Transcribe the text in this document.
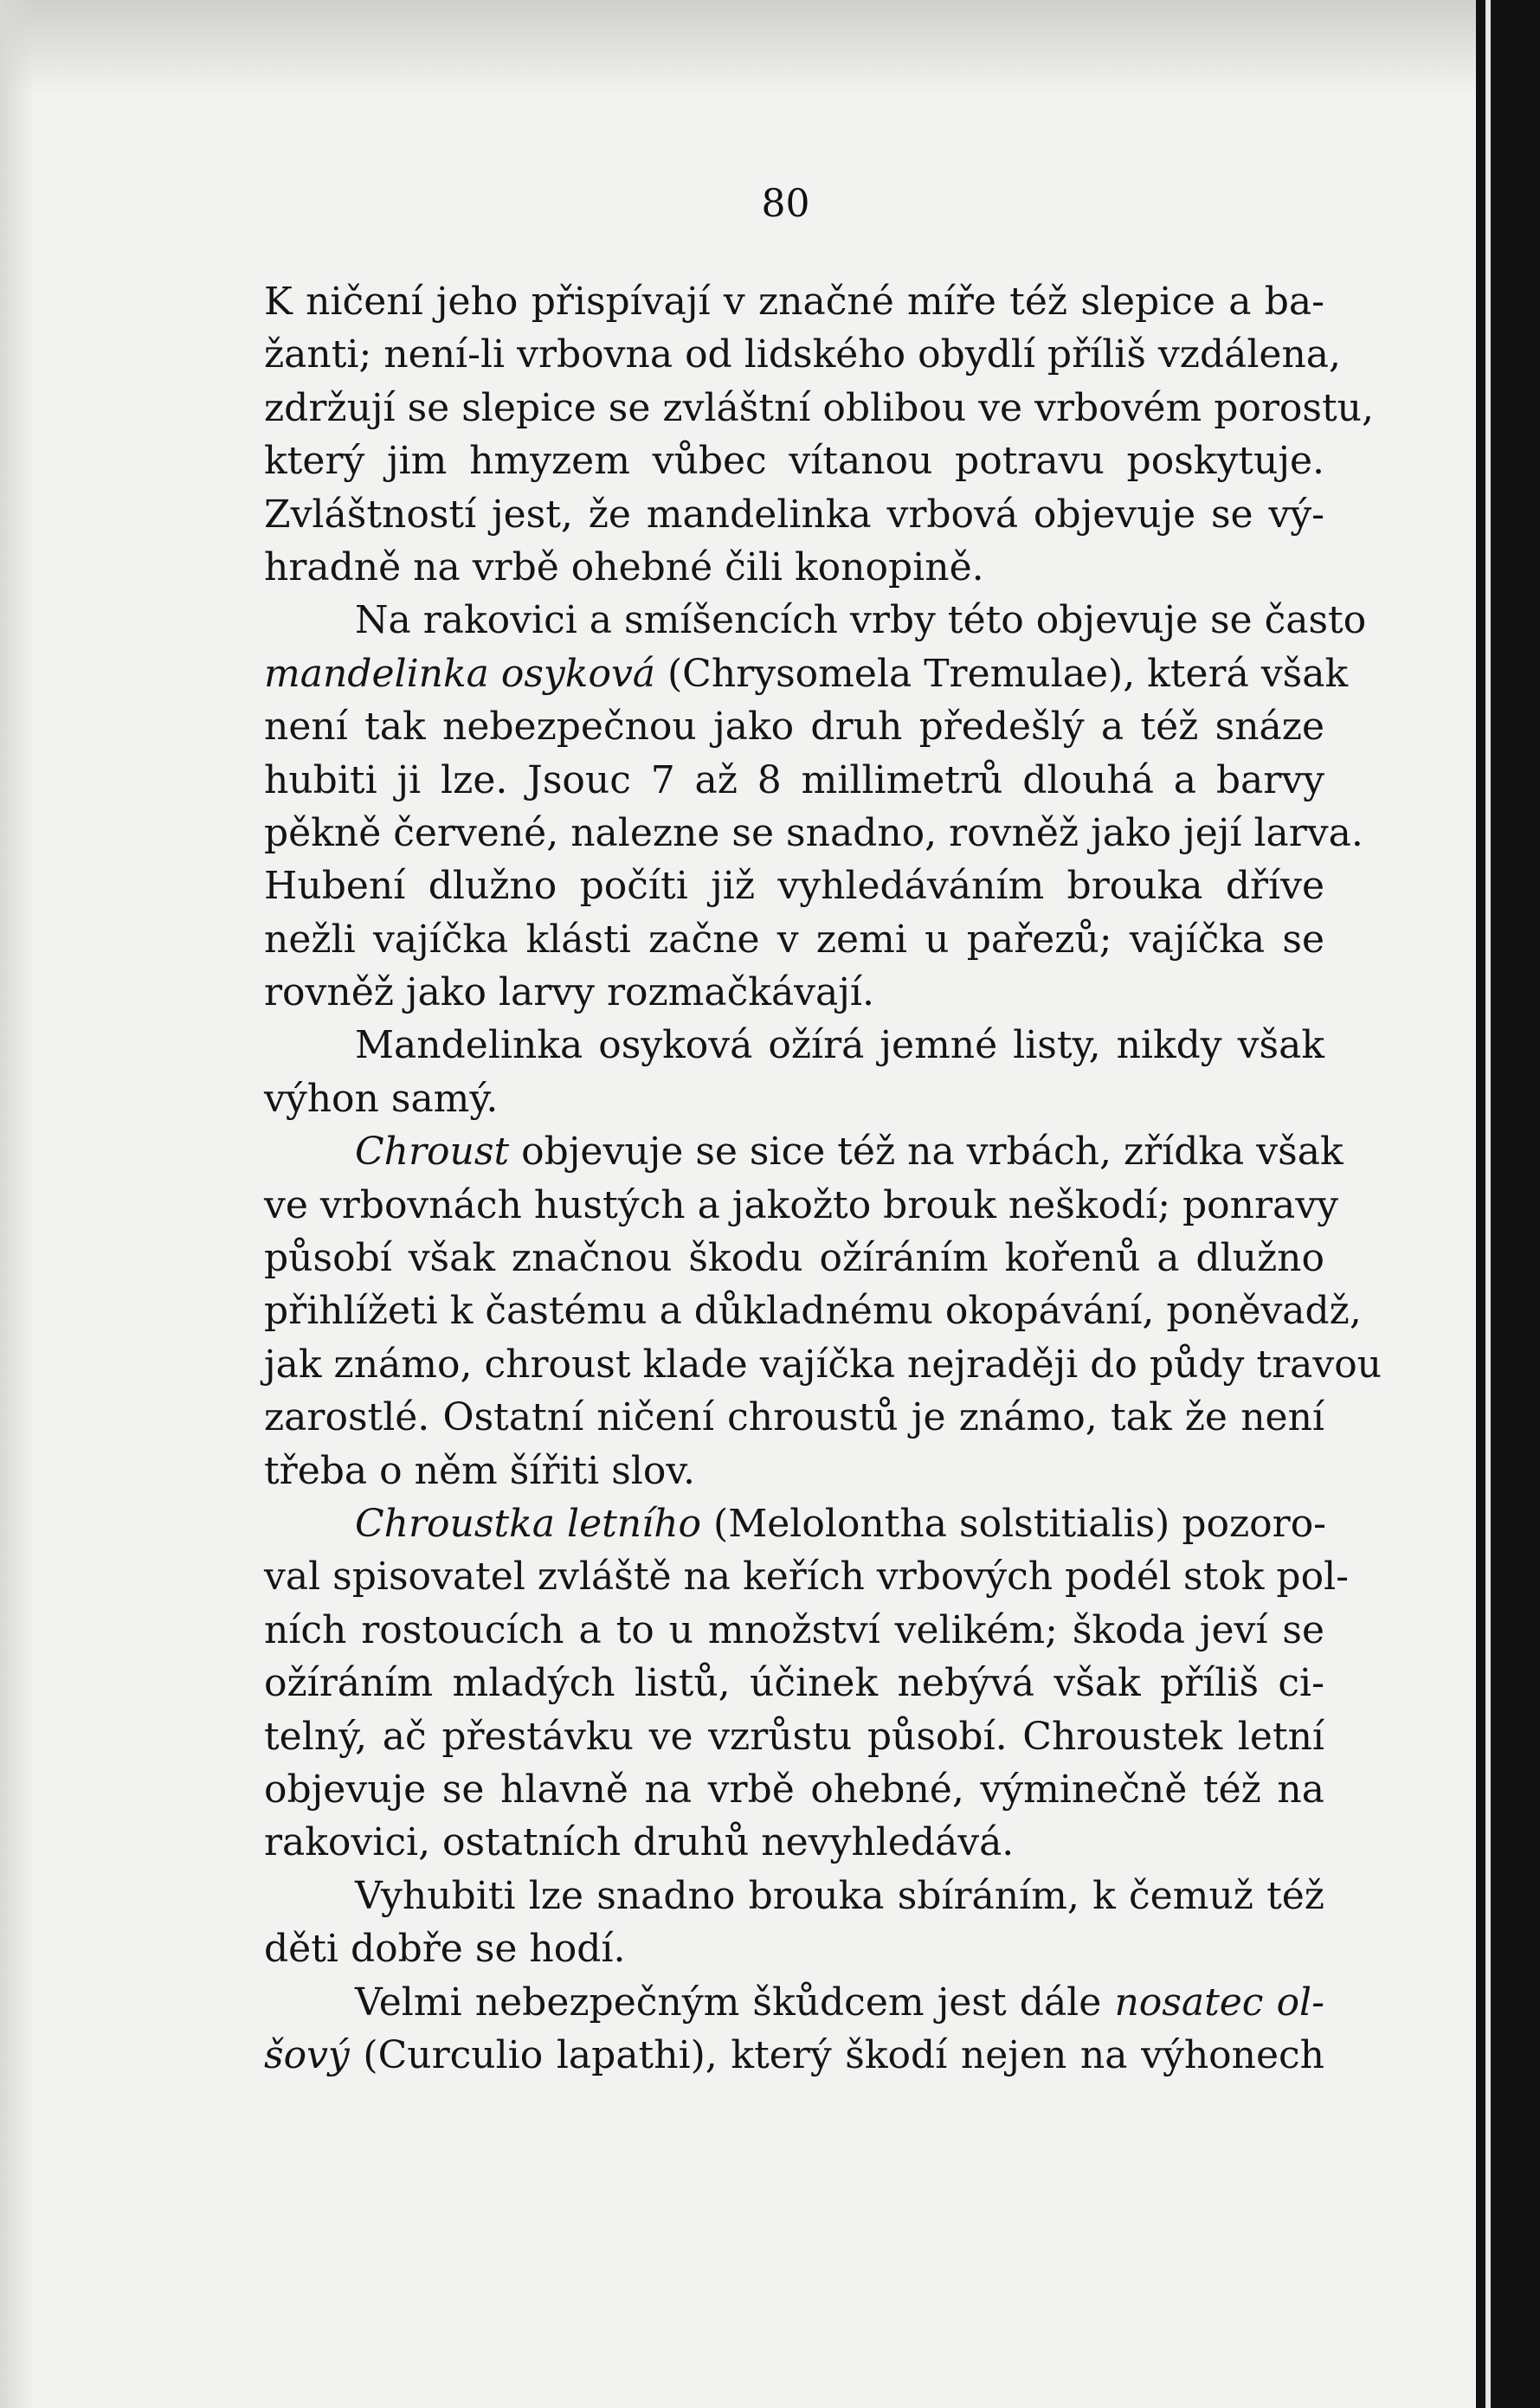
80
K ničení jeho přispívají v značné míře též slepice a ba-
žanti; není-li vrbovna od lidského obydlí příliš vzdálena,
zdržují se slepice se zvláštní oblibou ve vrbovém porostu,
který jim hmyzem vůbec vítanou potravu poskytuje.
Zvláštností jest, že mandelinka vrbová objevuje se vý-
hradně na vrbě ohebné čili konopině.
Na rakovici a smíšencích vrby této objevuje se často
mandelinka osyková (Chrysomela Tremulae), která však
není tak nebezpečnou jako druh předešlý a též snáze
hubiti ji lze. Jsouc 7 až 8 millimetrů dlouhá a barvy
pěkně červené, nalezne se snadno, rovněž jako její larva.
Hubení dlužno počíti již vyhledáváním brouka dříve
nežli vajíčka klásti začne v zemi u pařezů; vajíčka se
rovněž jako larvy rozmačkávají.
Mandelinka osyková ožírá jemné listy, nikdy však
výhon samý.
Chroust objevuje se sice též na vrbách, zřídka však
ve vrbovnách hustých a jakožto brouk neškodí; ponravy
působí však značnou škodu ožíráním kořenů a dlužno
přihlížeti k častému a důkladnému okopávání, poněvadž,
jak známo, chroust klade vajíčka nejraději do půdy travou
zarostlé. Ostatní ničení chroustů je známo, tak že není
třeba o něm šířiti slov.
Chroustka letního (Melolontha solstitialis) pozoro-
val spisovatel zvláště na keřích vrbových podél stok pol-
ních rostoucích a to u množství velikém; škoda jeví se
ožíráním mladých listů, účinek nebývá však příliš ci-
telný, ač přestávku ve vzrůstu působí. Chroustek letní
objevuje se hlavně na vrbě ohebné, výminečně též na
rakovici, ostatních druhů nevyhledává.
Vyhubiti lze snadno brouka sbíráním, k čemuž též
děti dobře se hodí.
Velmi nebezpečným škůdcem jest dále nosatec ol-
šový (Curculio lapathi), který škodí nejen na výhonech
